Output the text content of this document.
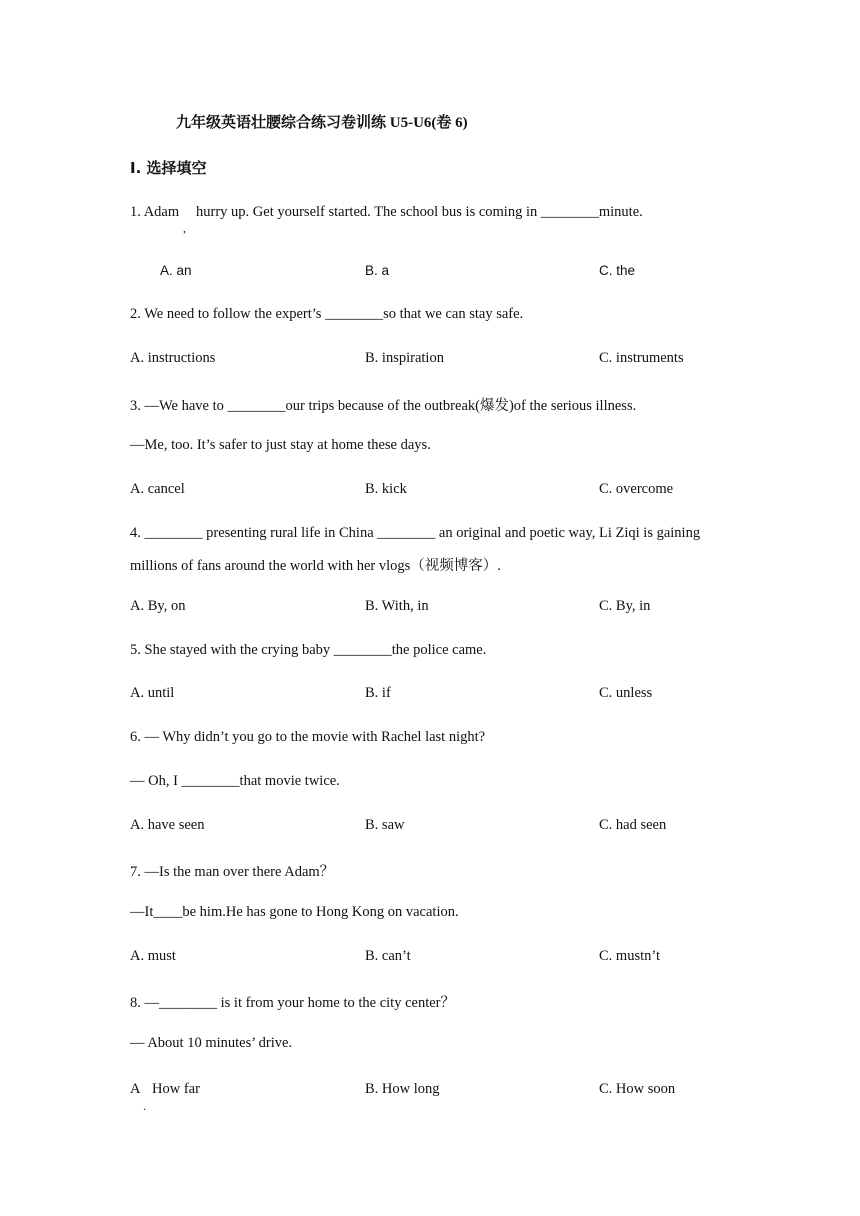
九年级英语壮腰综合练习卷训练 U5-U6(卷 6)
I. 选择填空
1. Adam
,
hurry up. Get yourself started. The school bus is coming in ________minute.
A. an	B. a	C. the
2. We need to follow the expert’s ________so that we can stay safe.
A. instructions	B. inspiration	C. instruments
3. —We have to ________our trips because of the outbreak(爆发)of the serious illness.
—Me, too. It’s safer to just stay at home these days.
A. cancel	B. kick	C. overcome
4. ________ presenting rural life in China ________ an original and poetic way, Li Ziqi is gaining
millions of fans around the world with her vlogs（视频博客）.
A. By, on	B. With, in	C. By, in
5. She stayed with the crying baby ________the police came.
A. until	B. if	C. unless
6. — Why didn’t you go to the movie with Rachel last night?
— Oh, I ________that movie twice.
A. have seen	B. saw	C. had seen
7. —Is the man over there Adam？
—It____be him.He has gone to Hong Kong on vacation.
A. must	B. can’t	C. mustn’t
8. —________ is it from your home to the city center？
— About 10 minutes’ drive.
A
.
How far	B. How long	C. How soon
